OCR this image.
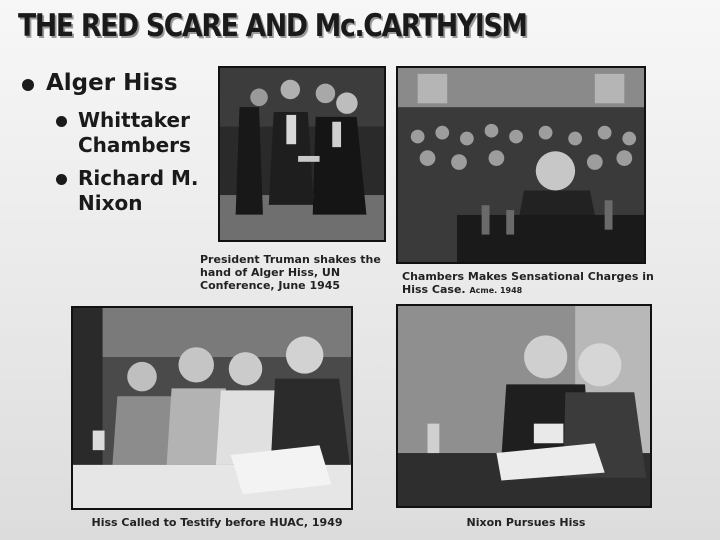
THE RED SCARE AND Mc.CARTHYISM
Alger Hiss
Whittaker Chambers
Richard M. Nixon
President Truman shakes the hand of Alger Hiss, UN Conference, June 1945
Chambers Makes Sensational Charges in Hiss Case. Acme. 1948
Hiss Called to Testify before HUAC, 1949	Nixon Pursues Hiss
